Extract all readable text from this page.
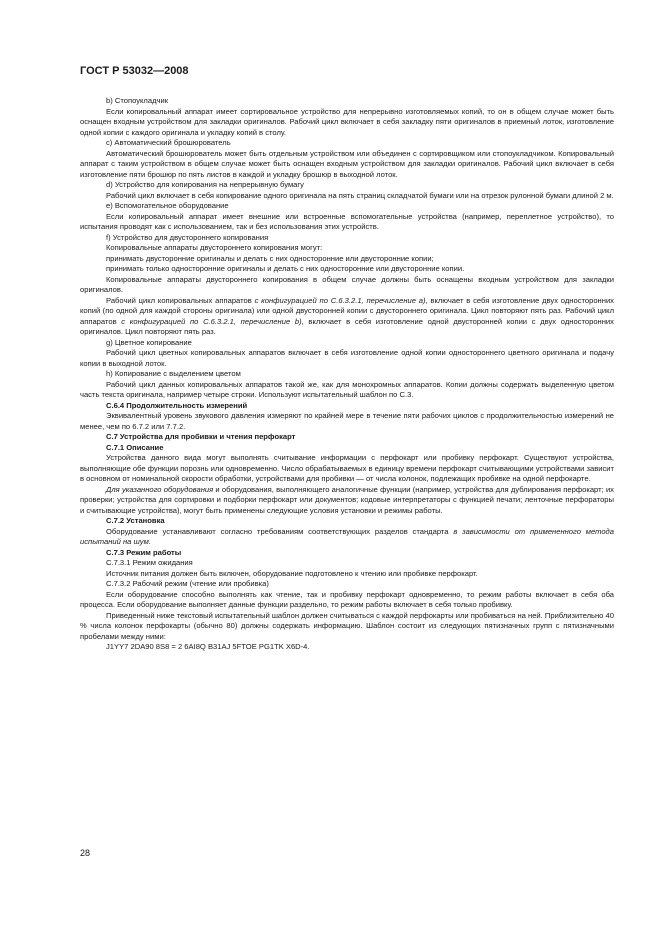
ГОСТ Р 53032—2008

b) Стопоукладчик

Если копировальный аппарат имеет сортировальное устройство для непрерывно изготовляемых копий, то он в общем случае может быть оснащен входным устройством для закладки оригиналов. Рабочий цикл включает в себя закладку пяти оригиналов в приемный лоток, изготовление одной копии с каждого оригинала и укладку копий в столу.

с) Автоматический брошюрователь

Автоматический брошюрователь может быть отдельным устройством или объединен с сортировщиком или стопоукладчиком. Копировальный аппарат с таким устройством в общем случае может быть оснащен входным устройством для закладки оригиналов. Рабочий цикл включает в себя изготовление пяти брошюр по пять листов в каждой и укладку брошюр в выходной лоток.

d) Устройство для копирования на непрерывную бумагу

Рабочий цикл включает в себя копирование одного оригинала на пять страниц складчатой бумаги или на отрезок рулонной бумаги длиной 2 м.

е) Вспомогательное оборудование

Если копировальный аппарат имеет внешние или встроенные вспомогательные устройства (например, переплетное устройство), то испытания проводят как с использованием, так и без использования этих устройств.

f) Устройство для двустороннего копирования

Копировальные аппараты двустороннего копирования могут:

принимать двусторонние оригиналы и делать с них односторонние или двусторонние копии;

принимать только односторонние оригиналы и делать с них односторонние или двусторонние копии.

Копировальные аппараты двустороннего копирования в общем случае должны быть оснащены входным устройством для закладки оригиналов.

Рабочий цикл копировальных аппаратов с конфигурацией по С.6.3.2.1, перечисление а), включает в себя изготовление двух односторонних копий (по одной для каждой стороны оригинала) или одной двусторонней копии с двустороннего оригинала. Цикл повторяют пять раз. Рабочий цикл аппаратов с конфигурацией по С.6.3.2.1, перечисление b), включает в себя изготовление одной двусторонней копии с двух односторонних оригиналов. Цикл повторяют пять раз.

g) Цветное копирование

Рабочий цикл цветных копировальных аппаратов включает в себя изготовление одной копии одностороннего цветного оригинала и подачу копии в выходной лоток.

h) Копирование с выделением цветом

Рабочий цикл данных копировальных аппаратов такой же, как для монохромных аппаратов. Копии должны содержать выделенную цветом часть текста оригинала, например четыре строки. Используют испытательный шаблон по С.3.

С.6.4 Продолжительность измерений

Эквивалентный уровень звукового давления измеряют по крайней мере в течение пяти рабочих циклов с продолжительностью измерений не менее, чем по 6.7.2 или 7.7.2.

С.7 Устройства для пробивки и чтения перфокарт

С.7.1 Описание

Устройства данного вида могут выполнять считывание информации с перфокарт или пробивку перфокарт. Существуют устройства, выполняющие обе функции порознь или одновременно. Число обрабатываемых в единицу времени перфокарт считывающими устройствами зависит в основном от номинальной скорости обработки, устройствами для пробивки — от числа колонок, подлежащих пробивке на одной перфокарте.

Для указанного оборудования и оборудования, выполняющего аналогичные функции (например, устройства для дублирования перфокарт; их проверки; устройства для сортировки и подборки перфокарт или документов; кодовые интерпретаторы с функцией печати; ленточные перфораторы и считывающие устройства), могут быть применены следующие условия установки и режимы работы.

С.7.2 Установка

Оборудование устанавливают согласно требованиям соответствующих разделов стандарта в зависимости от примененного метода испытаний на шум.

С.7.3 Режим работы

С.7.3.1 Режим ожидания

Источник питания должен быть включен, оборудование подготовлено к чтению или пробивке перфокарт.

С.7.3.2 Рабочий режим (чтение или пробивка)

Если оборудование способно выполнять как чтение, так и пробивку перфокарт одновременно, то режим работы включает в себя оба процесса. Если оборудование выполняет данные функции раздельно, то режим работы включает в себя только пробивку.

Приведенный ниже текстовый испытательный шаблон должен считываться с каждой перфокарты или пробиваться на ней. Приблизительно 40 % числа колонок перфокарты (обычно 80) должны содержать информацию. Шаблон состоит из следующих пятизначных групп с пятизначными пробелами между ними:

J1YY7 2DA90 8S8 = 2 6AI8Q B31AJ 5FTOE PG1TK X6D-4.

28
